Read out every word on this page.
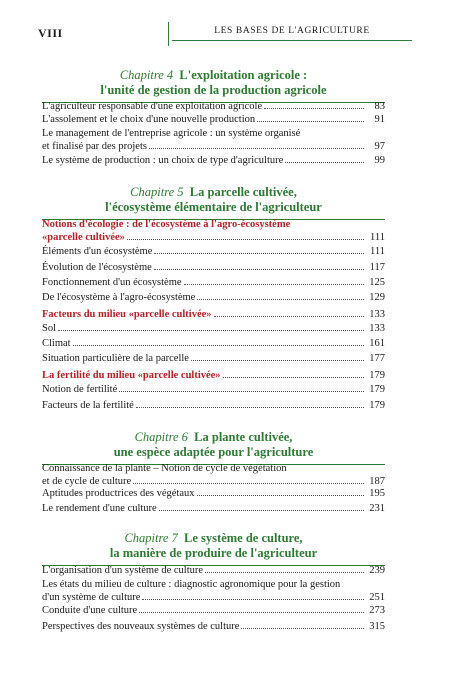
VIII	LES BASES DE L'AGRICULTURE
Chapitre 4 L'exploitation agricole :
l'unité de gestion de la production agricole
L'agriculteur responsable d'une exploitation agricole	83
L'assolement et le choix d'une nouvelle production	91
Le management de l'entreprise agricole : un système organisé
et finalisé par des projets	97
Le système de production : un choix de type d'agriculture	99
Chapitre 5 La parcelle cultivée,
l'écosystème élémentaire de l'agriculteur
Notions d'écologie : de l'écosystème à l'agro-écosystème
«parcelle cultivée»	111
Éléments d'un écosystème	111
Évolution de l'écosystème	117
Fonctionnement d'un écosystème	125
De l'écosystème à l'agro-écosystème	129
Facteurs du milieu «parcelle cultivée»	133
Sol	133
Climat	161
Situation particulière de la parcelle	177
La fertilité du milieu «parcelle cultivée»	179
Notion de fertilité	179
Facteurs de la fertilité	179
Chapitre 6 La plante cultivée,
une espèce adaptée pour l'agriculture
Connaissance de la plante – Notion de cycle de végétation
et de cycle de culture	187
Aptitudes productrices des végétaux	195
Le rendement d'une culture	231
Chapitre 7 Le système de culture,
la manière de produire de l'agriculteur
L'organisation d'un système de culture	239
Les états du milieu de culture : diagnostic agronomique pour la gestion
d'un système de culture	251
Conduite d'une culture	273
Perspectives des nouveaux systèmes de culture	315
